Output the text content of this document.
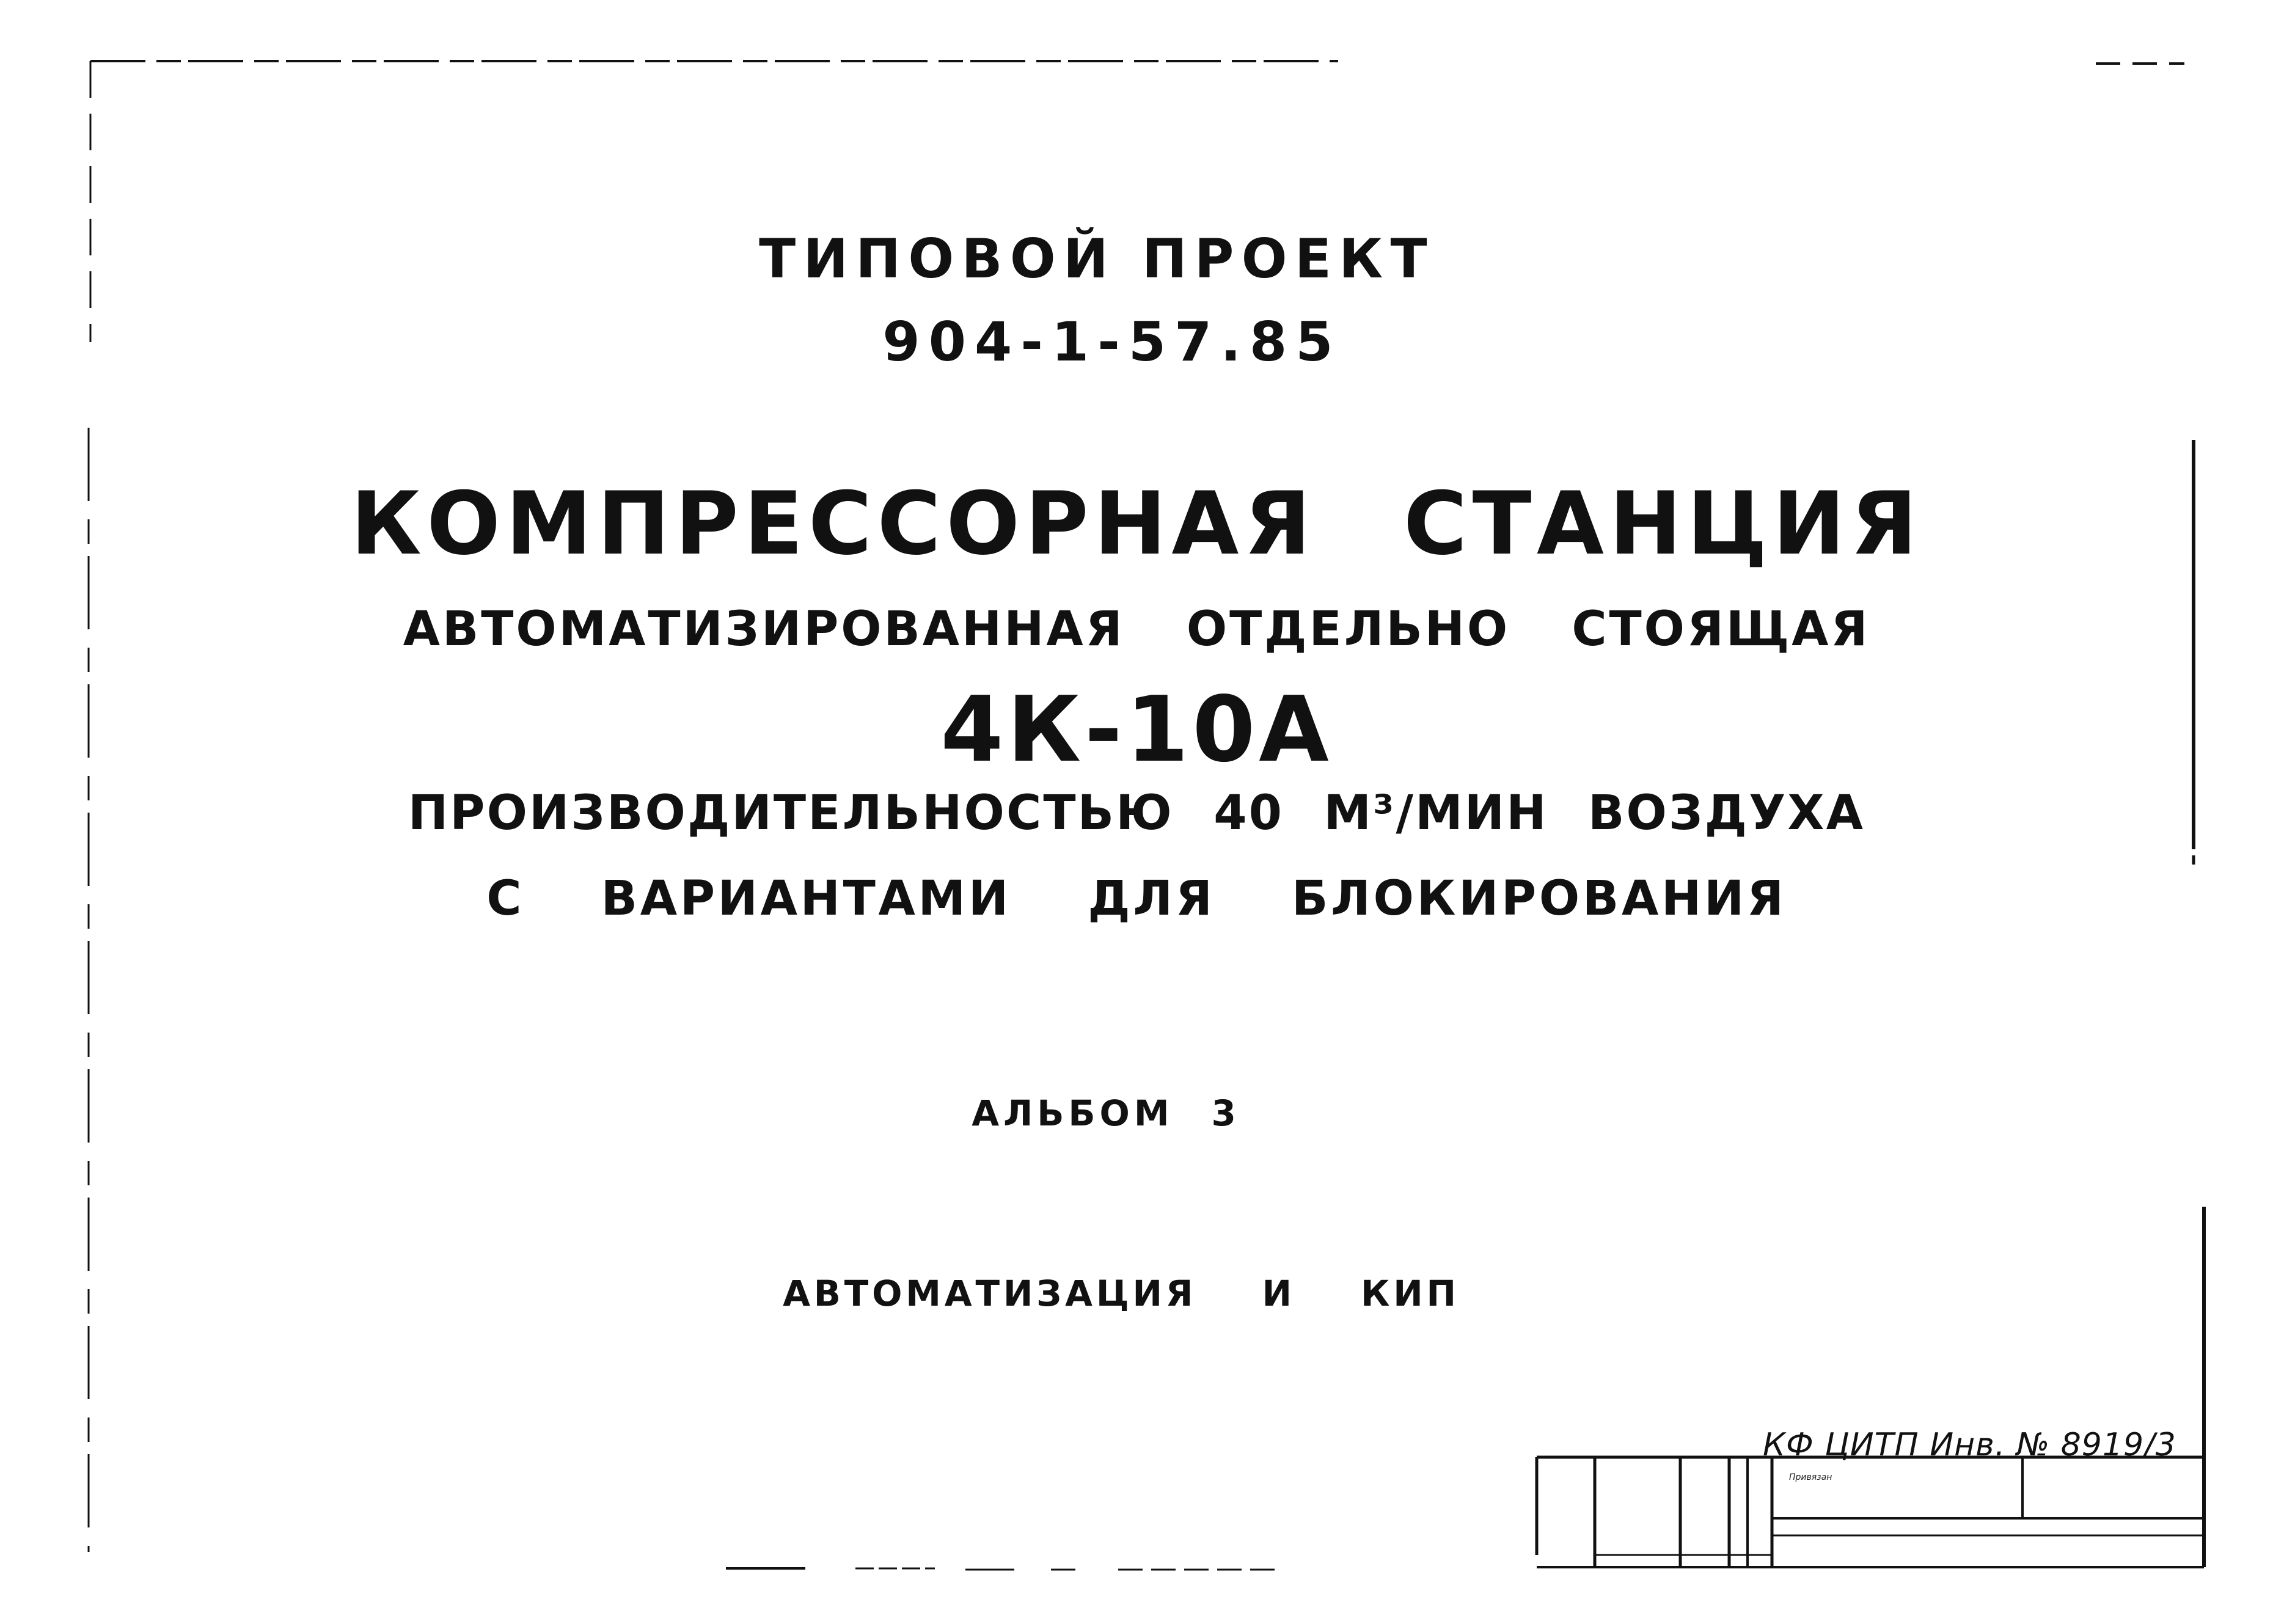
ТИПОВОЙ ПРОЕКТ
904-1-57.85
КОМПРЕССОРНАЯ СТАНЦИЯ
АВТОМАТИЗИРОВАННАЯ ОТДЕЛЬНО СТОЯЩАЯ
4К-10А
ПРОИЗВОДИТЕЛЬНОСТЬЮ 40 М³/МИН ВОЗДУХА
С ВАРИАНТАМИ ДЛЯ БЛОКИРОВАНИЯ
АЛЬБОМ 3
АВТОМАТИЗАЦИЯ И КИП
КФ ЦИТП Инв. № 8919/3
Привязан
